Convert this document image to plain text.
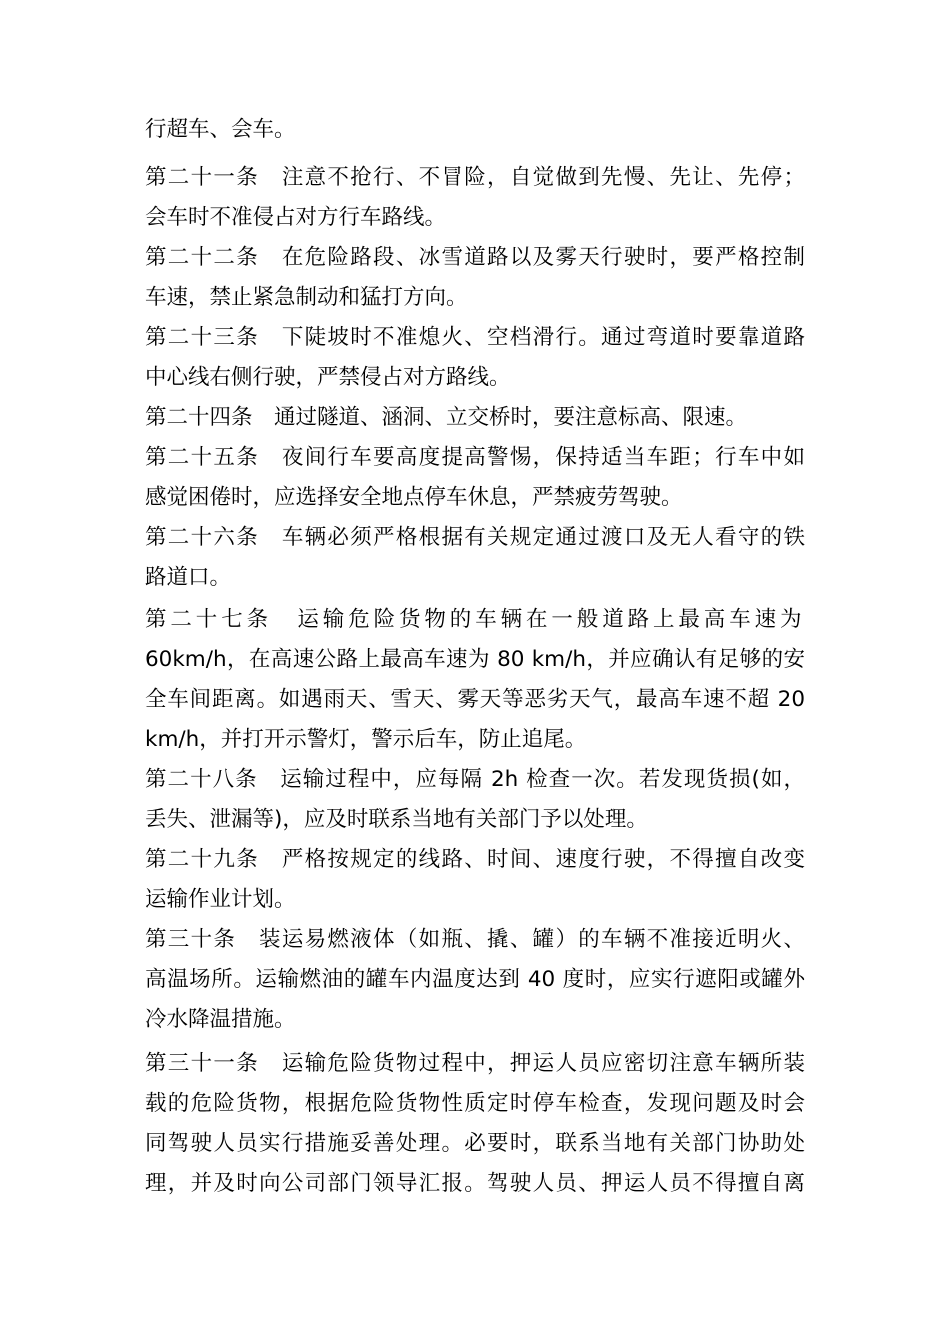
行超车、会车。
第二十一条　注意不抢行、不冒险，自觉做到先慢、先让、先停；
会车时不准侵占对方行车路线。
第二十二条　在危险路段、冰雪道路以及雾天行驶时，要严格控制
车速，禁止紧急制动和猛打方向。
第二十三条　下陡坡时不准熄火、空档滑行。通过弯道时要靠道路
中心线右侧行驶，严禁侵占对方路线。
第二十四条　通过隧道、涵洞、立交桥时，要注意标高、限速。
第二十五条　夜间行车要高度提高警惕，保持适当车距；行车中如
感觉困倦时，应选择安全地点停车休息，严禁疲劳驾驶。
第二十六条　车辆必须严格根据有关规定通过渡口及无人看守的铁
路道口。
第二十七条　运输危险货物的车辆在一般道路上最高车速为
60km/h，在高速公路上最高车速为 80 km/h，并应确认有足够的安
全车间距离。如遇雨天、雪天、雾天等恶劣天气，最高车速不超 20
km/h，并打开示警灯，警示后车，防止追尾。
第二十八条　运输过程中，应每隔 2h 检查一次。若发现货损(如，
丢失、泄漏等)，应及时联系当地有关部门予以处理。
第二十九条　严格按规定的线路、时间、速度行驶，不得擅自改变
运输作业计划。
第三十条　装运易燃液体（如瓶、撬、罐）的车辆不准接近明火、
高温场所。运输燃油的罐车内温度达到 40 度时，应实行遮阳或罐外
冷水降温措施。
第三十一条　运输危险货物过程中，押运人员应密切注意车辆所装
载的危险货物，根据危险货物性质定时停车检查，发现问题及时会
同驾驶人员实行措施妥善处理。必要时，联系当地有关部门协助处
理，并及时向公司部门领导汇报。驾驶人员、押运人员不得擅自离
